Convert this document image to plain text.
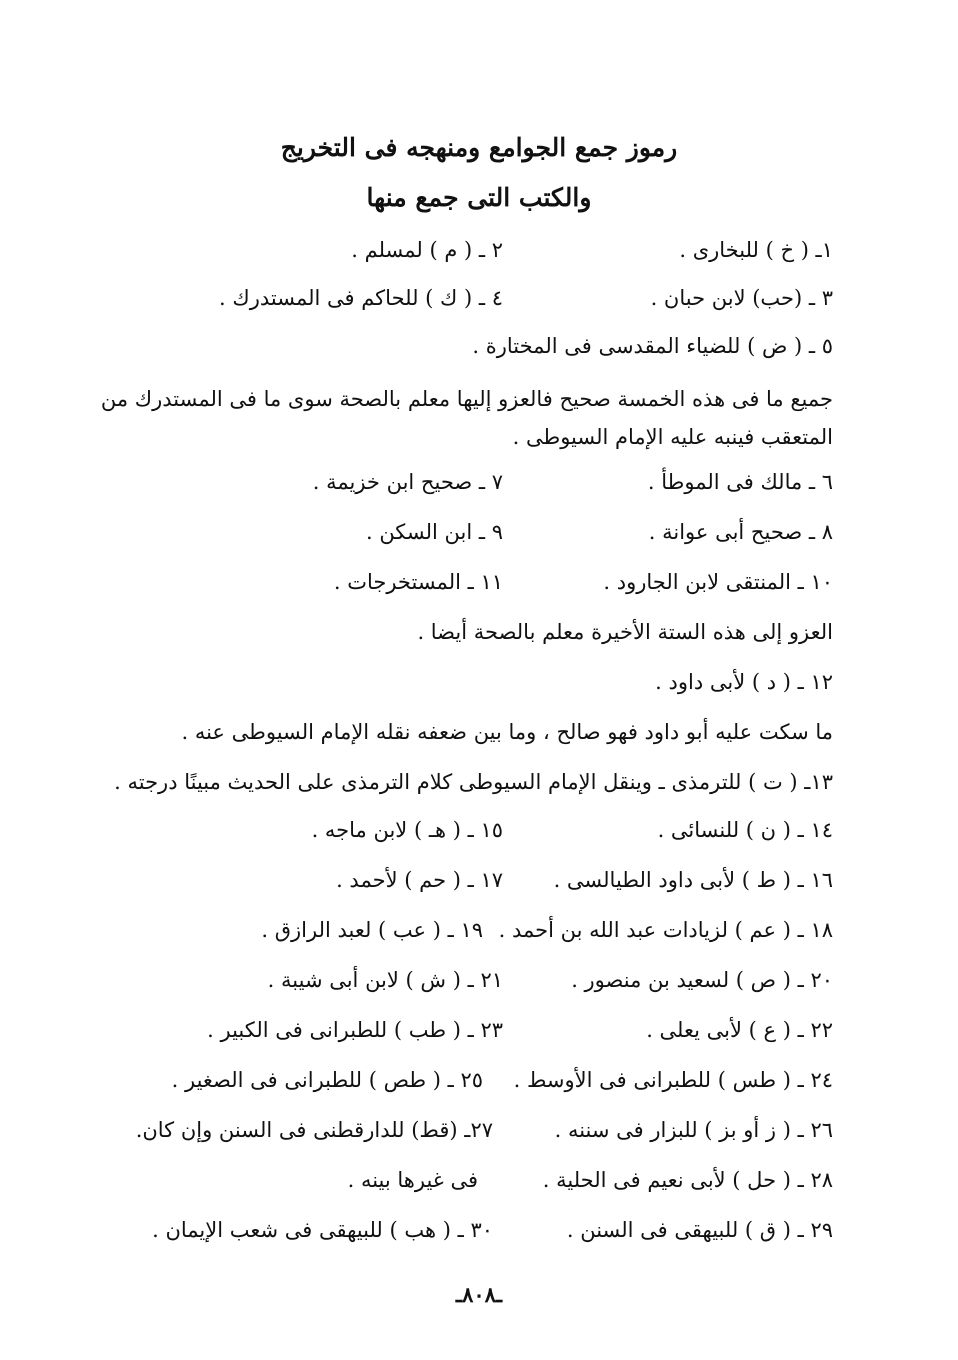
رموز جمع الجوامع ومنهجه فى التخريج
والكتب التى جمع منها
١ـ ( خ ) للبخارى .
٢ ـ ( م ) لمسلم .
٣ ـ (حب) لابن حبان .
٤ ـ ( ك ) للحاكم فى المستدرك .
٥ ـ ( ض ) للضياء المقدسى فى المختارة .
جميع ما فى هذه الخمسة صحيح فالعزو إليها معلم بالصحة سوى ما فى المستدرك من المتعقب فينبه عليه الإمام السيوطى .
٦ ـ مالك فى الموطأ .
٧ ـ صحيح ابن خزيمة .
٨ ـ صحيح أبى عوانة .
٩ ـ ابن السكن .
١٠ ـ المنتقى لابن الجارود .
١١ ـ المستخرجات .
العزو إلى هذه الستة الأخيرة معلم بالصحة أيضا .
١٢ ـ ( د ) لأبى داود .
ما سكت عليه أبو داود فهو صالح ، وما بين ضعفه نقله الإمام السيوطى عنه .
١٣ـ ( ت ) للترمذى ـ وينقل الإمام السيوطى كلام الترمذى على الحديث مبينًا درجته .
١٤ ـ ( ن ) للنسائى .
١٥ ـ ( هـ ) لابن ماجه .
١٦ ـ ( ط ) لأبى داود الطيالسى .
١٧ ـ ( حم ) لأحمد .
١٨ ـ ( عم ) لزيادات عبد الله بن أحمد .
١٩ ـ ( عب ) لعبد الرازق .
٢٠ ـ ( ص ) لسعيد بن منصور .
٢١ ـ ( ش ) لابن أبى شيبة .
٢٢ ـ ( ع ) لأبى يعلى .
٢٣ ـ ( طب ) للطبرانى فى الكبير .
٢٤ ـ ( طس ) للطبرانى فى الأوسط .
٢٥ ـ ( طص ) للطبرانى فى الصغير .
٢٦ ـ ( ز أو بز ) للبزار فى سننه .
٢٧ـ (قط) للدارقطنى فى السنن وإن كان.
٢٨ ـ ( حل ) لأبى نعيم فى الحلية .
فى غيرها بينه .
٢٩ ـ ( ق ) للبيهقى فى السنن .
٣٠ ـ ( هب ) للبيهقى فى شعب الإيمان .
ـ٨٠٨ـ
